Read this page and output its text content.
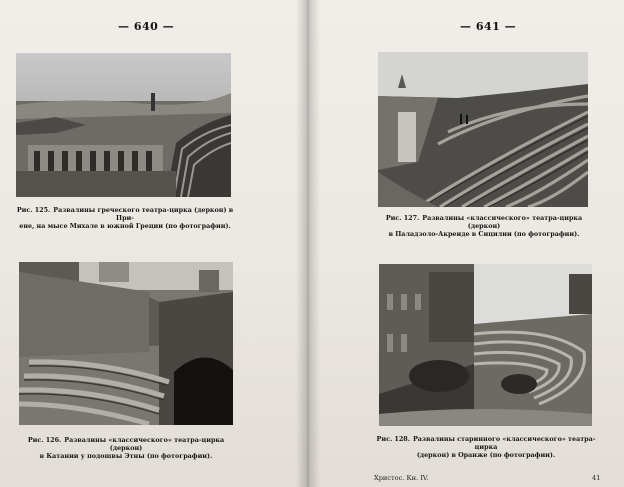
— 640 —
Рис. 125. Развалины греческого театра-цирка (деркон) в При-
ене, на мысе Михале в южной Греции (по фотографии).
Рис. 126. Развалины «классического» театра-цирка (деркон)
в Катании у подошвы Этны (по фотографии).
— 641 —
Рис. 127. Развалины «классического» театра-цирка (деркон)
в Паладзоло-Акреиде в Сицилии (по фотографии).
Рис. 128. Развалины старинного «классического» театра-цирка
(деркон) в Оранже (по фотографии).
Христос. Кн. IV.	41
